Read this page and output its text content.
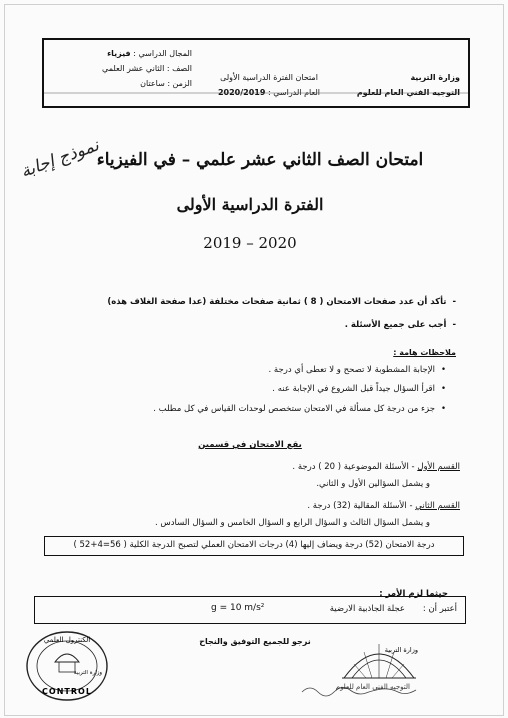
وزارة التربية
التوجيه الفني العام للعلوم
امتحان الفترة الدراسية الأولى
العام الدراسي : 2020/2019
المجال الدراسي : فيزياء
الصف : الثاني عشر العلمي
الزمن : ساعتان
امتحان الصف الثاني عشر علمي – في الفيزياء
نموذج إجابة
الفترة الدراسية الأولى
2019 – 2020
-تأكد أن عدد صفحات الامتحان ( 8 ) ثمانية صفحات مختلفة (عدا صفحة الغلاف هذه)
-أجب على جميع الأسئلة .
ملاحظات هامة :
•الإجابة المشطوبة لا تصحح و لا تعطى أي درجة .
•اقرأ السؤال جيداً قبل الشروع في الإجابة عنه .
•جزء من درجة كل مسألة في الامتحان ستخصص لوحدات القياس في كل مطلب .
يقع الامتحان في قسمين
القسم الأول - الأسئلة الموضوعية ( 20 ) درجة .
و يشمل السؤالين الأول و الثاني.
القسم الثاني - الأسئلة المقالية (32) درجة .
و يشمل السؤال الثالث و السؤال الرابع و السؤال الخامس و السؤال السادس .
درجة الامتحان (52) درجة ويضاف إليها (4) درجات الامتحان العملي لتصبح الدرجة الكلية ( 56=4+52 )
حيثما لزم الأمر :
أعتبر أن :
عجلة الجاذبية الارضية
g = 10 m/s²
نرجو للجميع التوفيق والنجاح
الكنترول العلمي
وزارة التربية
CONTROL
وزارة التربية
التوجيه الفني العام للعلوم
